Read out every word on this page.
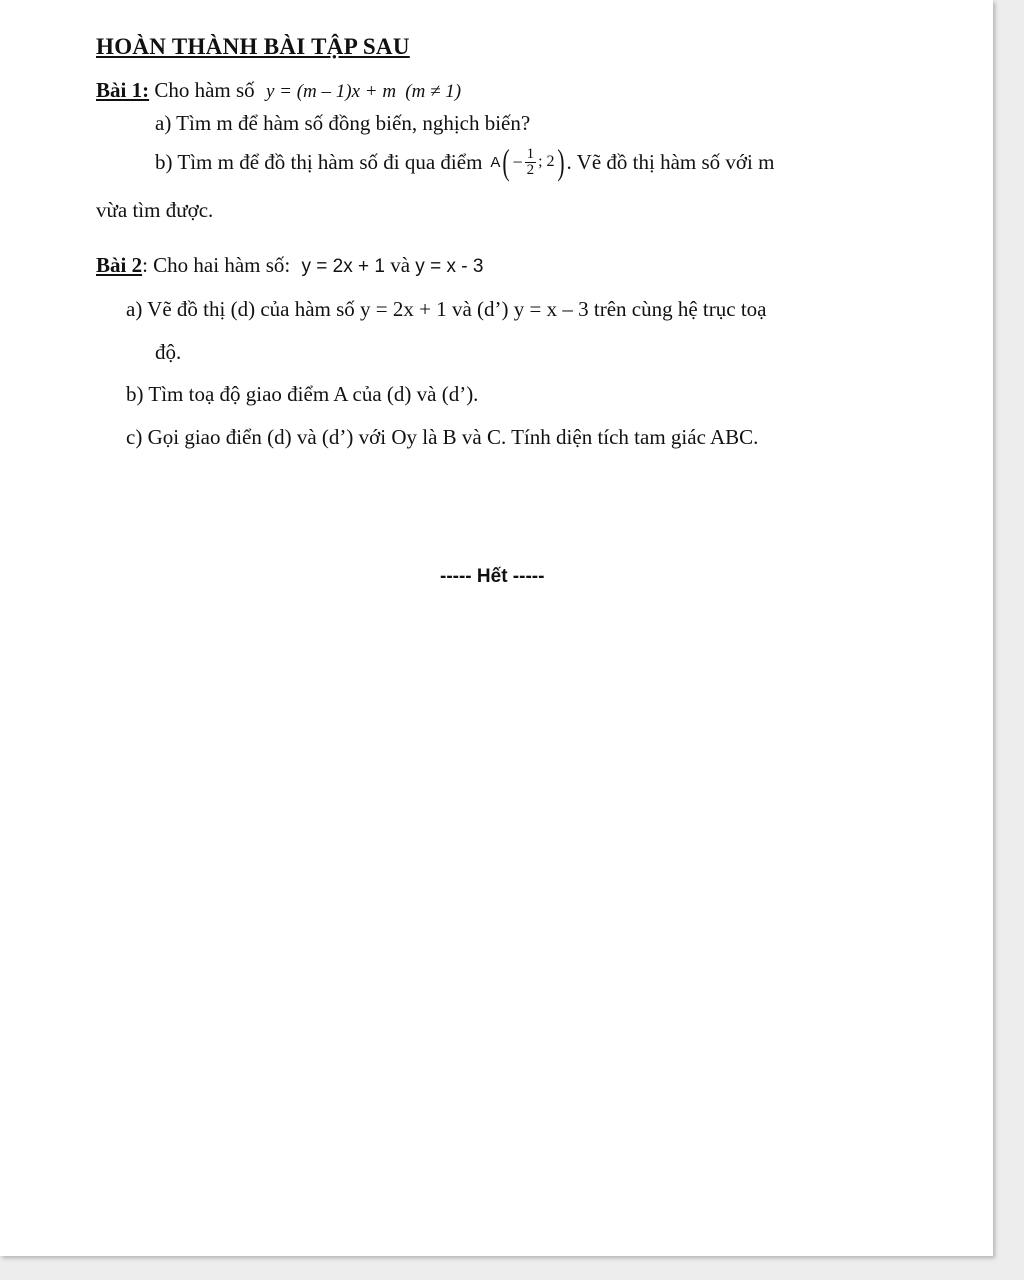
HOÀN THÀNH BÀI TẬP SAU
Bài 1: Cho hàm số y = (m – 1)x + m (m ≠ 1)
a) Tìm m để hàm số đồng biến, nghịch biến?
b) Tìm m để đồ thị hàm số đi qua điểm A ( − $\frac{1}{2}$ ; 2 ) . Vẽ đồ thị hàm số với m
vừa tìm được.
Bài 2: Cho hai hàm số: y = 2x + 1 và y = x - 3
a) Vẽ đồ thị (d) của hàm số y = 2x + 1 và (d’) y = x – 3 trên cùng hệ trục toạ
độ.
b) Tìm toạ độ giao điểm A của (d) và (d’).
c) Gọi giao điển (d) và (d’) với Oy là B và C. Tính diện tích tam giác ABC.
----- Hết -----
